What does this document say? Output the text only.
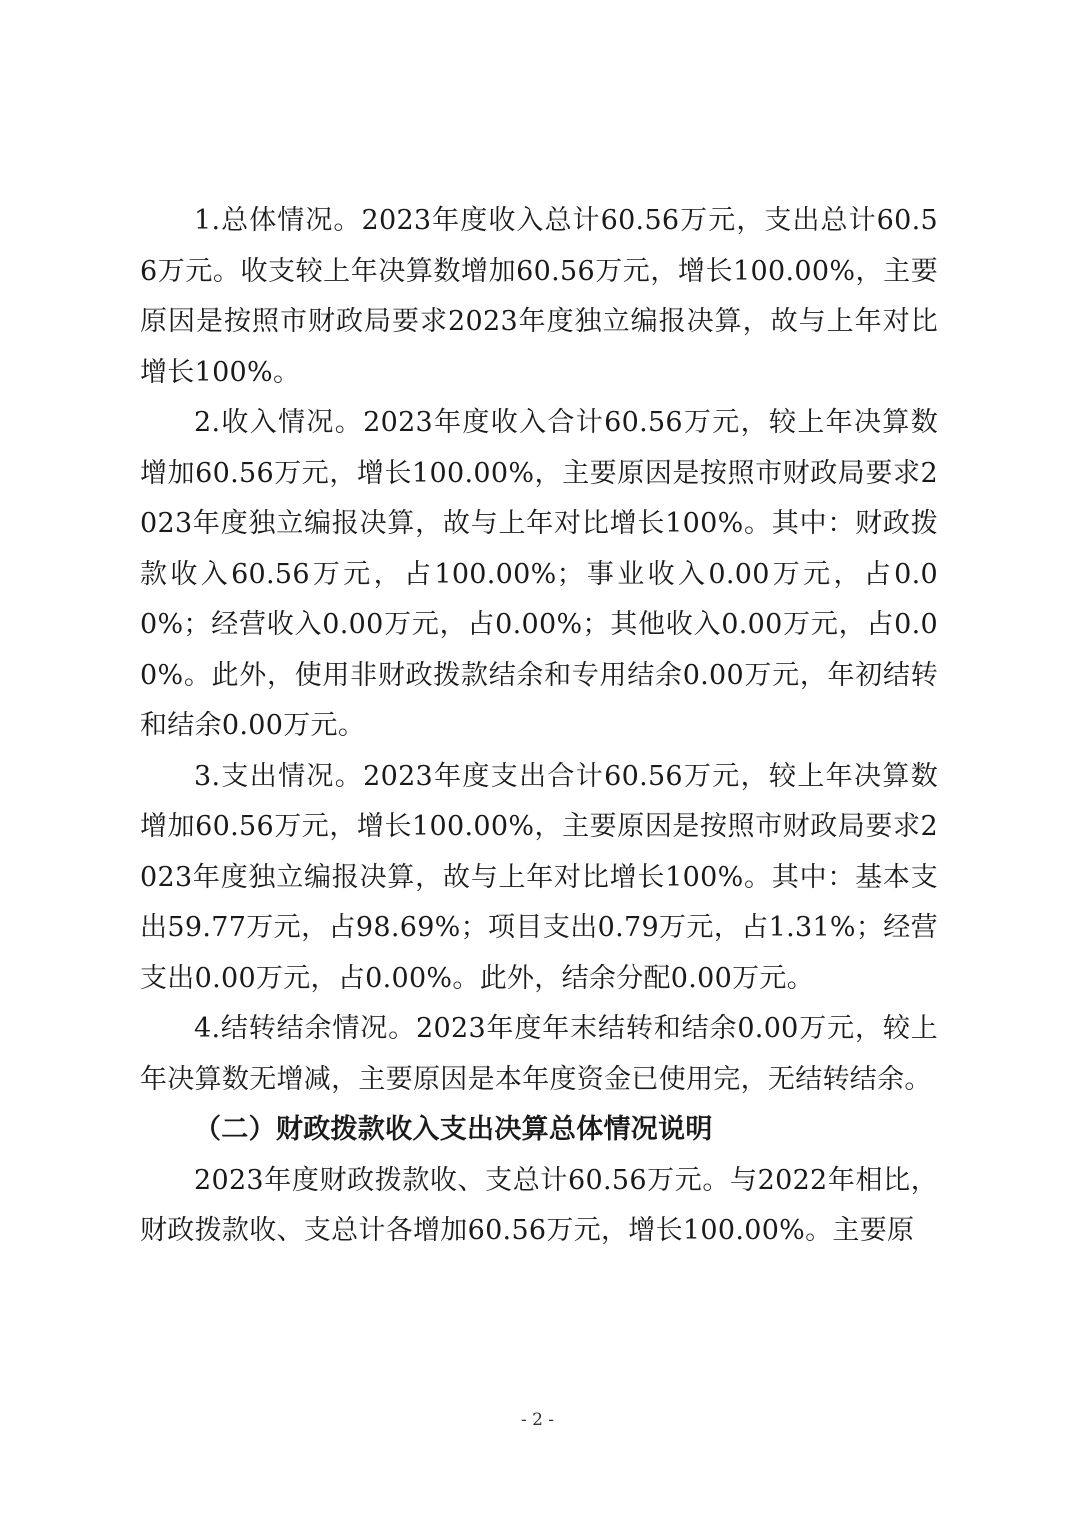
1.总体情况。2023年度收入总计60.56万元，支出总计60.56万元。收支较上年决算数增加60.56万元，增长100.00%，主要原因是按照市财政局要求2023年度独立编报决算，故与上年对比增长100%。

2.收入情况。2023年度收入合计60.56万元，较上年决算数增加60.56万元，增长100.00%，主要原因是按照市财政局要求2023年度独立编报决算，故与上年对比增长100%。其中：财政拨款收入60.56万元，占100.00%；事业收入0.00万元，占0.00%；经营收入0.00万元，占0.00%；其他收入0.00万元，占0.00%。此外，使用非财政拨款结余和专用结余0.00万元，年初结转和结余0.00万元。

3.支出情况。2023年度支出合计60.56万元，较上年决算数增加60.56万元，增长100.00%，主要原因是按照市财政局要求2023年度独立编报决算，故与上年对比增长100%。其中：基本支出59.77万元，占98.69%；项目支出0.79万元，占1.31%；经营支出0.00万元，占0.00%。此外，结余分配0.00万元。

4.结转结余情况。2023年度年末结转和结余0.00万元，较上年决算数无增减，主要原因是本年度资金已使用完，无结转结余。

（二）财政拨款收入支出决算总体情况说明

2023年度财政拨款收、支总计60.56万元。与2022年相比，财政拨款收、支总计各增加60.56万元，增长100.00%。主要原

- 2 -
